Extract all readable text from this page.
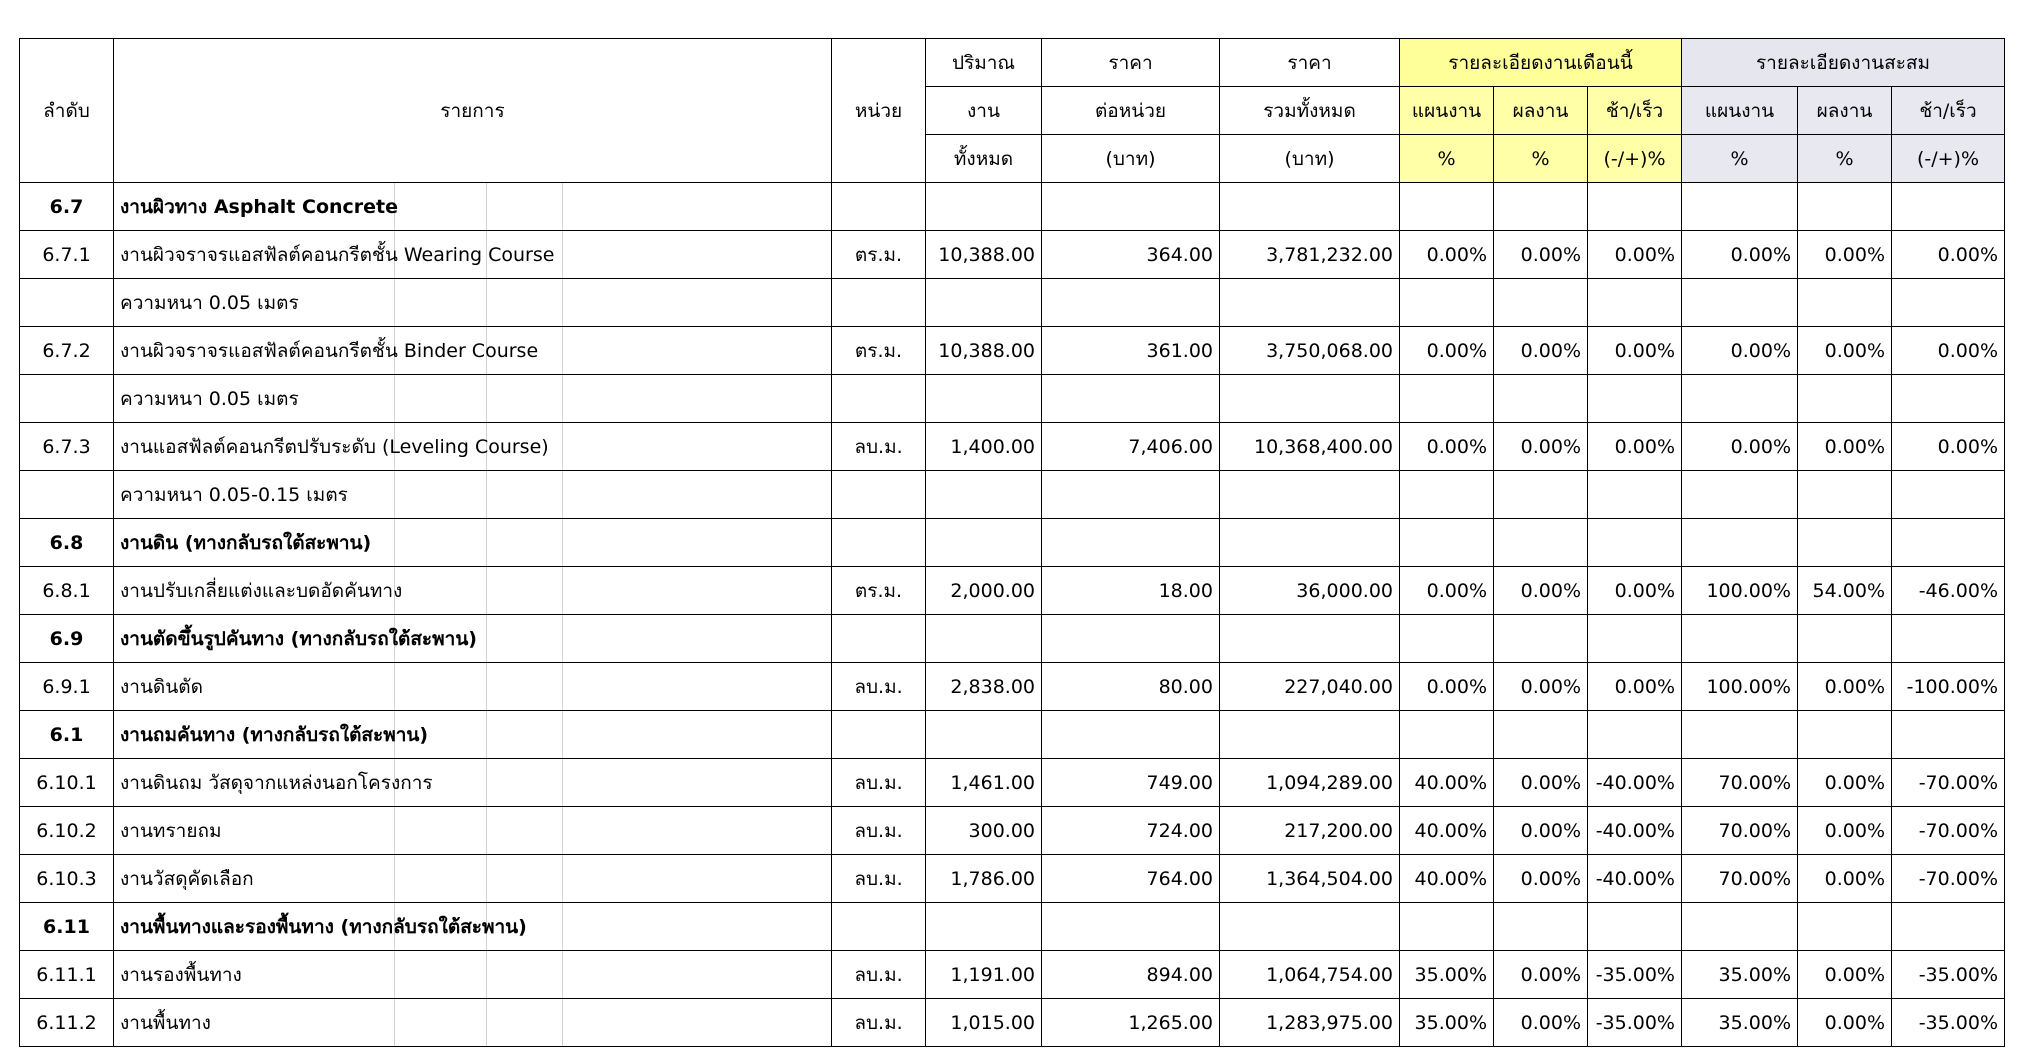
ลำดับ	รายการ	หน่วย	ปริมาณ	ราคา	ราคา	รายละเอียดงานเดือนนี้			รายละเอียดงานสะสม		
			งาน	ต่อหน่วย	รวมทั้งหมด	แผนงาน	ผลงาน	ช้า/เร็ว	แผนงาน	ผลงาน	ช้า/เร็ว
			ทั้งหมด	(บาท)	(บาท)	%	%	(-/+)%	%	%	(-/+)%
6.7	งานผิวทาง Asphalt Concrete										
6.7.1	งานผิวจราจรแอสฟัลต์คอนกรีตชั้น Wearing Course	ตร.ม.	10,388.00	364.00	3,781,232.00	0.00%	0.00%	0.00%	0.00%	0.00%	0.00%

ความหนา 0.05 เมตร										
6.7.2	งานผิวจราจรแอสฟัลต์คอนกรีตชั้น Binder Course	ตร.ม.	10,388.00	361.00	3,750,068.00	0.00%	0.00%	0.00%	0.00%	0.00%	0.00%

ความหนา 0.05 เมตร										
6.7.3	งานแอสฟัลต์คอนกรีตปรับระดับ (Leveling Course)	ลบ.ม.	1,400.00	7,406.00	10,368,400.00	0.00%	0.00%	0.00%	0.00%	0.00%	0.00%

ความหนา 0.05-0.15 เมตร										
6.8	งานดิน (ทางกลับรถใต้สะพาน)										
6.8.1	งานปรับเกลี่ยแต่งและบดอัดคันทาง	ตร.ม.	2,000.00	18.00	36,000.00	0.00%	0.00%	0.00%	100.00%	54.00%	-46.00%
6.9	งานตัดขึ้นรูปคันทาง (ทางกลับรถใต้สะพาน)										
6.9.1	งานดินตัด	ลบ.ม.	2,838.00	80.00	227,040.00	0.00%	0.00%	0.00%	100.00%	0.00%	-100.00%
6.1	งานถมคันทาง (ทางกลับรถใต้สะพาน)										
6.10.1	งานดินถม วัสดุจากแหล่งนอกโครงการ	ลบ.ม.	1,461.00	749.00	1,094,289.00	40.00%	0.00%	-40.00%	70.00%	0.00%	-70.00%
6.10.2	งานทรายถม	ลบ.ม.	300.00	724.00	217,200.00	40.00%	0.00%	-40.00%	70.00%	0.00%	-70.00%
6.10.3	งานวัสดุคัดเลือก	ลบ.ม.	1,786.00	764.00	1,364,504.00	40.00%	0.00%	-40.00%	70.00%	0.00%	-70.00%
6.11	งานพื้นทางและรองพื้นทาง (ทางกลับรถใต้สะพาน)										
6.11.1	งานรองพื้นทาง	ลบ.ม.	1,191.00	894.00	1,064,754.00	35.00%	0.00%	-35.00%	35.00%	0.00%	-35.00%
6.11.2	งานพื้นทาง	ลบ.ม.	1,015.00	1,265.00	1,283,975.00	35.00%	0.00%	-35.00%	35.00%	0.00%	-35.00%
